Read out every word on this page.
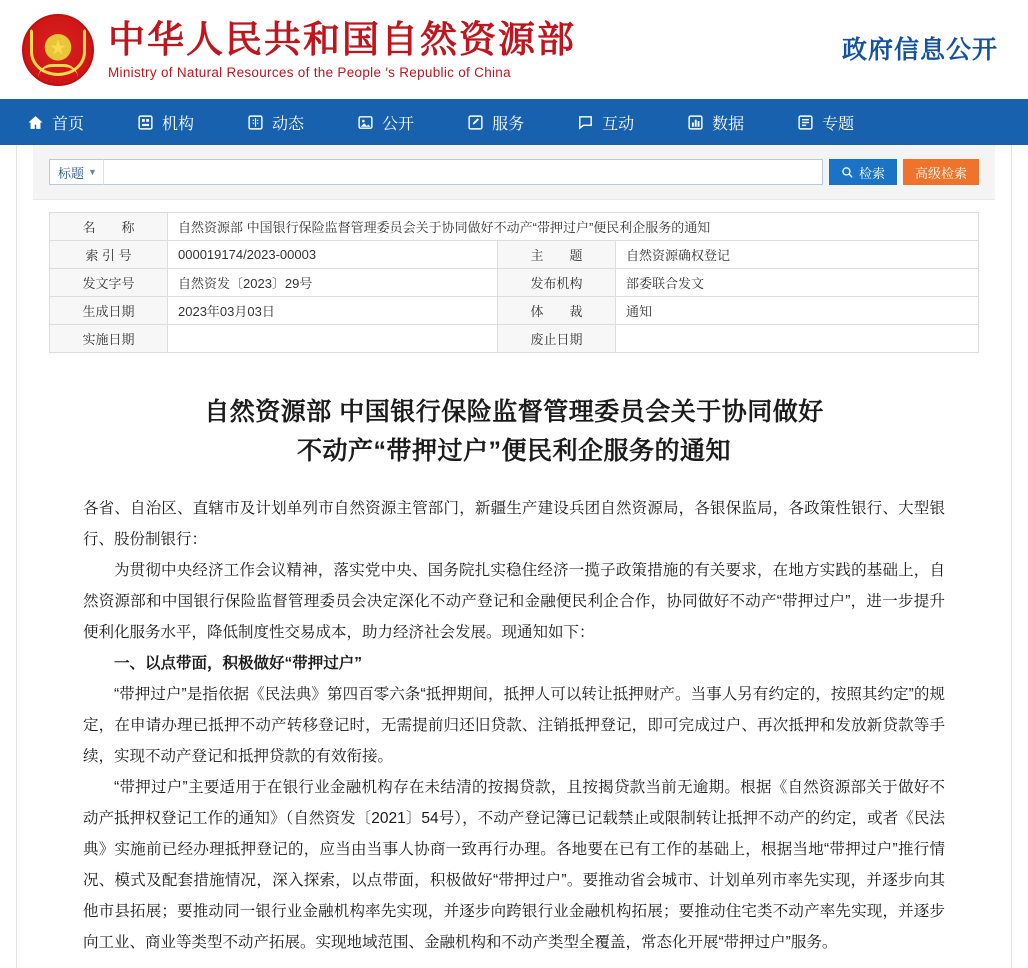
★ 中华人民共和国自然资源部
Ministry of Natural Resources of the People ′s Republic of China
政府信息公开
首页	机构	动态	公开	服务	互动	数据	专题
标题 ▼	检索	高级检索
名　　称	自然资源部 中国银行保险监督管理委员会关于协同做好不动产“带押过户”便民利企服务的通知		
索 引 号	000019174/2023-00003	主　　题	自然资源确权登记
发文字号	自然资发〔2023〕29号	发布机构	部委联合发文
生成日期	2023年03月03日	体　　裁	通知
实施日期		废止日期	
自然资源部 中国银行保险监督管理委员会关于协同做好
不动产“带押过户”便民利企服务的通知

各省、自治区、直辖市及计划单列市自然资源主管部门，新疆生产建设兵团自然资源局，各银保监局，各政策性银行、大型银行、股份制银行：

为贯彻中央经济工作会议精神，落实党中央、国务院扎实稳住经济一揽子政策措施的有关要求，在地方实践的基础上，自然资源部和中国银行保险监督管理委员会决定深化不动产登记和金融便民利企合作，协同做好不动产“带押过户”，进一步提升便利化服务水平，降低制度性交易成本，助力经济社会发展。现通知如下：

一、以点带面，积极做好“带押过户”

“带押过户”是指依据《民法典》第四百零六条“抵押期间，抵押人可以转让抵押财产。当事人另有约定的，按照其约定”的规定，在申请办理已抵押不动产转移登记时，无需提前归还旧贷款、注销抵押登记，即可完成过户、再次抵押和发放新贷款等手续，实现不动产登记和抵押贷款的有效衔接。

“带押过户”主要适用于在银行业金融机构存在未结清的按揭贷款，且按揭贷款当前无逾期。根据《自然资源部关于做好不动产抵押权登记工作的通知》（自然资发〔2021〕54号），不动产登记簿已记载禁止或限制转让抵押不动产的约定，或者《民法典》实施前已经办理抵押登记的，应当由当事人协商一致再行办理。各地要在已有工作的基础上，根据当地“带押过户”推行情况、模式及配套措施情况，深入探索，以点带面，积极做好“带押过户”。要推动省会城市、计划单列市率先实现，并逐步向其他市县拓展；要推动同一银行业金融机构率先实现，并逐步向跨银行业金融机构拓展；要推动住宅类不动产率先实现，并逐步向工业、商业等类型不动产拓展。实现地域范围、金融机构和不动产类型全覆盖，常态化开展“带押过户”服务。
